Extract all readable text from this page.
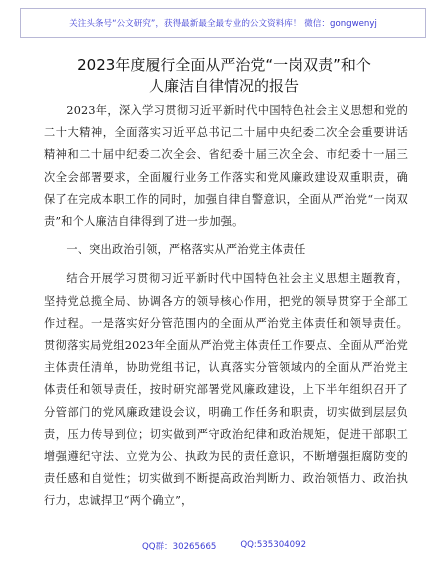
关注头条号“公文研究”，获得最新最全最专业的公文资料库！ 微信：gongwenyj
2023年度履行全面从严治党“一岗双责”和个
人廉洁自律情况的报告

2023年，深入学习贯彻习近平新时代中国特色社会主义思想和党的二十大精神，全面落实习近平总书记二十届中央纪委二次全会重要讲话精神和二十届中纪委二次全会、省纪委十届三次全会、市纪委十一届三次全会部署要求，全面履行业务工作落实和党风廉政建设双重职责，确保了在完成本职工作的同时，加强自律自警意识，全面从严治党“一岗双责”和个人廉洁自律得到了进一步加强。

一、突出政治引领，严格落实从严治党主体责任

结合开展学习贯彻习近平新时代中国特色社会主义思想主题教育，坚持党总揽全局、协调各方的领导核心作用，把党的领导贯穿于全部工作过程。一是落实好分管范围内的全面从严治党主体责任和领导责任。贯彻落实局党组2023年全面从严治党主体责任工作要点、全面从严治党主体责任清单，协助党组书记，认真落实分管领域内的全面从严治党主体责任和领导责任，按时研究部署党风廉政建设，上下半年组织召开了分管部门的党风廉政建设会议，明确工作任务和职责，切实做到层层负责，压力传导到位；切实做到严守政治纪律和政治规矩，促进干部职工增强遵纪守法、立党为公、执政为民的责任意识，不断增强拒腐防变的责任感和自觉性；切实做到不断提高政治判断力、政治领悟力、政治执行力，忠诚捍卫“两个确立”，

QQ群：30265665	QQ:535304092
